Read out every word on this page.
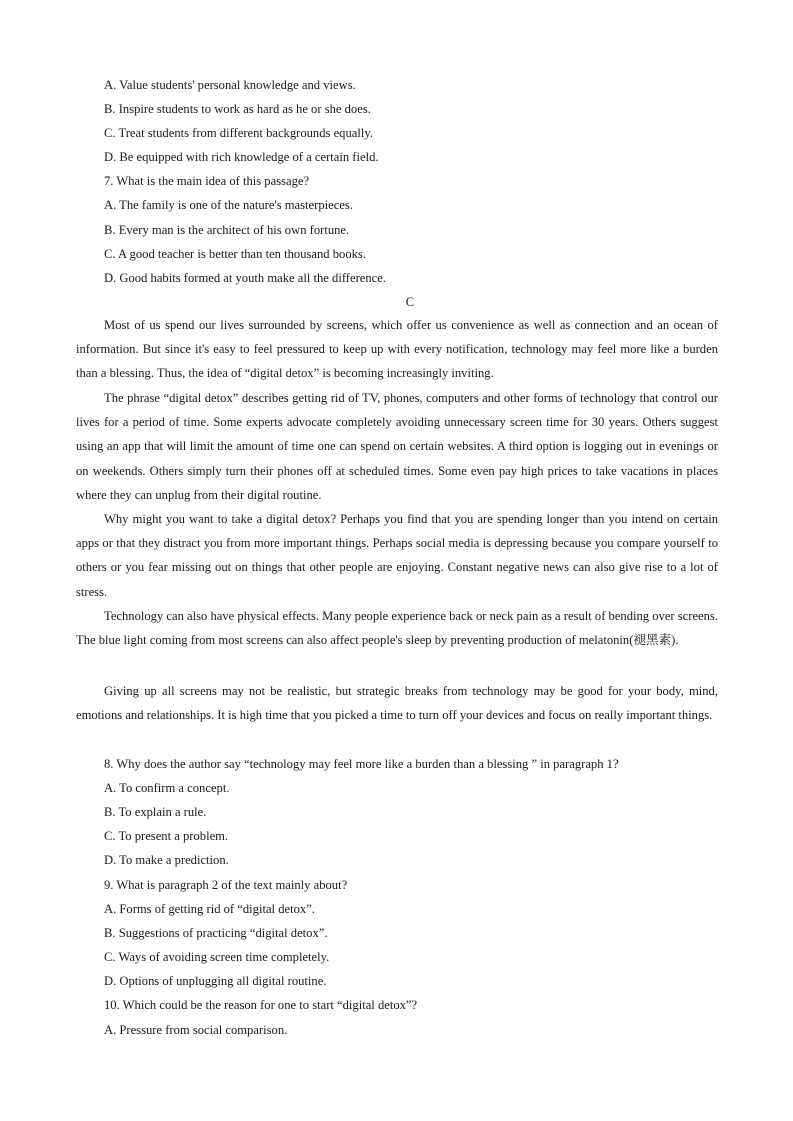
A. Value students' personal knowledge and views.
B. Inspire students to work as hard as he or she does.
C. Treat students from different backgrounds equally.
D. Be equipped with rich knowledge of a certain field.
7. What is the main idea of this passage?
A. The family is one of the nature's masterpieces.
B. Every man is the architect of his own fortune.
C. A good teacher is better than ten thousand books.
D. Good habits formed at youth make all the difference.
C

Most of us spend our lives surrounded by screens, which offer us convenience as well as connection and an ocean of information. But since it's easy to feel pressured to keep up with every notification, technology may feel more like a burden than a blessing. Thus, the idea of “digital detox” is becoming increasingly inviting.

The phrase “digital detox” describes getting rid of TV, phones, computers and other forms of technology that control our lives for a period of time. Some experts advocate completely avoiding unnecessary screen time for 30 years. Others suggest using an app that will limit the amount of time one can spend on certain websites. A third option is logging out in evenings or on weekends. Others simply turn their phones off at scheduled times. Some even pay high prices to take vacations in places where they can unplug from their digital routine.

Why might you want to take a digital detox? Perhaps you find that you are spending longer than you intend on certain apps or that they distract you from more important things. Perhaps social media is depressing because you compare yourself to others or you fear missing out on things that other people are enjoying. Constant negative news can also give rise to a lot of stress.

Technology can also have physical effects. Many people experience back or neck pain as a result of bending over screens. The blue light coming from most screens can also affect people's sleep by preventing production of melatonin(褪黑素).

Giving up all screens may not be realistic, but strategic breaks from technology may be good for your body, mind, emotions and relationships. It is high time that you picked a time to turn off your devices and focus on really important things.

8. Why does the author say “technology may feel more like a burden than a blessing ” in paragraph 1?
A. To confirm a concept.
B. To explain a rule.
C. To present a problem.
D. To make a prediction.
9. What is paragraph 2 of the text mainly about?
A. Forms of getting rid of “digital detox”.
B. Suggestions of practicing “digital detox”.
C. Ways of avoiding screen time completely.
D. Options of unplugging all digital routine.
10. Which could be the reason for one to start “digital detox”?
A. Pressure from social comparison.
